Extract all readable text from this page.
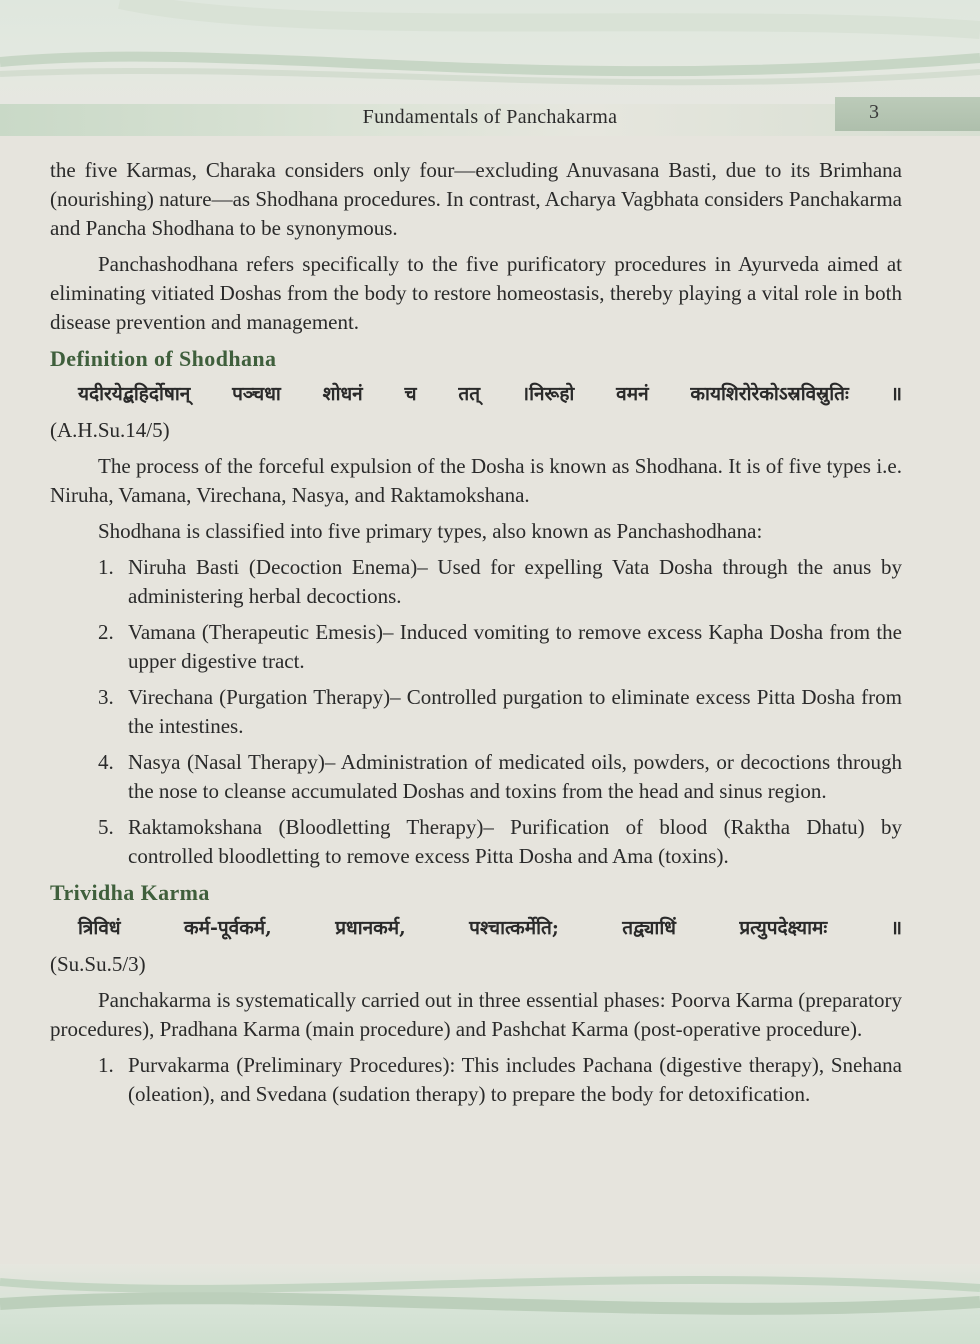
3
Fundamentals of Panchakarma

the five Karmas, Charaka considers only four—excluding Anuvasana Basti, due to its Brimhana (nourishing) nature—as Shodhana procedures. In contrast, Acharya Vagbhata considers Panchakarma and Pancha Shodhana to be synonymous.

Panchashodhana refers specifically to the five purificatory procedures in Ayurveda aimed at eliminating vitiated Doshas from the body to restore homeostasis, thereby playing a vital role in both disease prevention and management.

Definition of Shodhana

यदीरयेद्बहिर्दोषान् पञ्चधा शोधनं च तत् ।निरूहो वमनं कायशिरोरेकोऽस्रविस्रुतिः ॥

(A.H.Su.14/5)

The process of the forceful expulsion of the Dosha is known as Shodhana. It is of five types i.e. Niruha, Vamana, Virechana, Nasya, and Raktamokshana.

Shodhana is classified into five primary types, also known as Panchashodhana:

1. Niruha Basti (Decoction Enema)– Used for expelling Vata Dosha through the anus by administering herbal decoctions.
2. Vamana (Therapeutic Emesis)– Induced vomiting to remove excess Kapha Dosha from the upper digestive tract.
3. Virechana (Purgation Therapy)– Controlled purgation to eliminate excess Pitta Dosha from the intestines.
4. Nasya (Nasal Therapy)– Administration of medicated oils, powders, or decoctions through the nose to cleanse accumulated Doshas and toxins from the head and sinus region.
5. Raktamokshana (Bloodletting Therapy)– Purification of blood (Raktha Dhatu) by controlled bloodletting to remove excess Pitta Dosha and Ama (toxins).
Trividha Karma

त्रिविधं कर्म-पूर्वकर्म, प्रधानकर्म, पश्चात्कर्मेति; तद्व्याधिं प्रत्युपदेक्ष्यामः ॥

(Su.Su.5/3)

Panchakarma is systematically carried out in three essential phases: Poorva Karma (preparatory procedures), Pradhana Karma (main procedure) and Pashchat Karma (post-operative procedure).

1. Purvakarma (Preliminary Procedures): This includes Pachana (digestive therapy), Snehana (oleation), and Svedana (sudation therapy) to prepare the body for detoxification.
